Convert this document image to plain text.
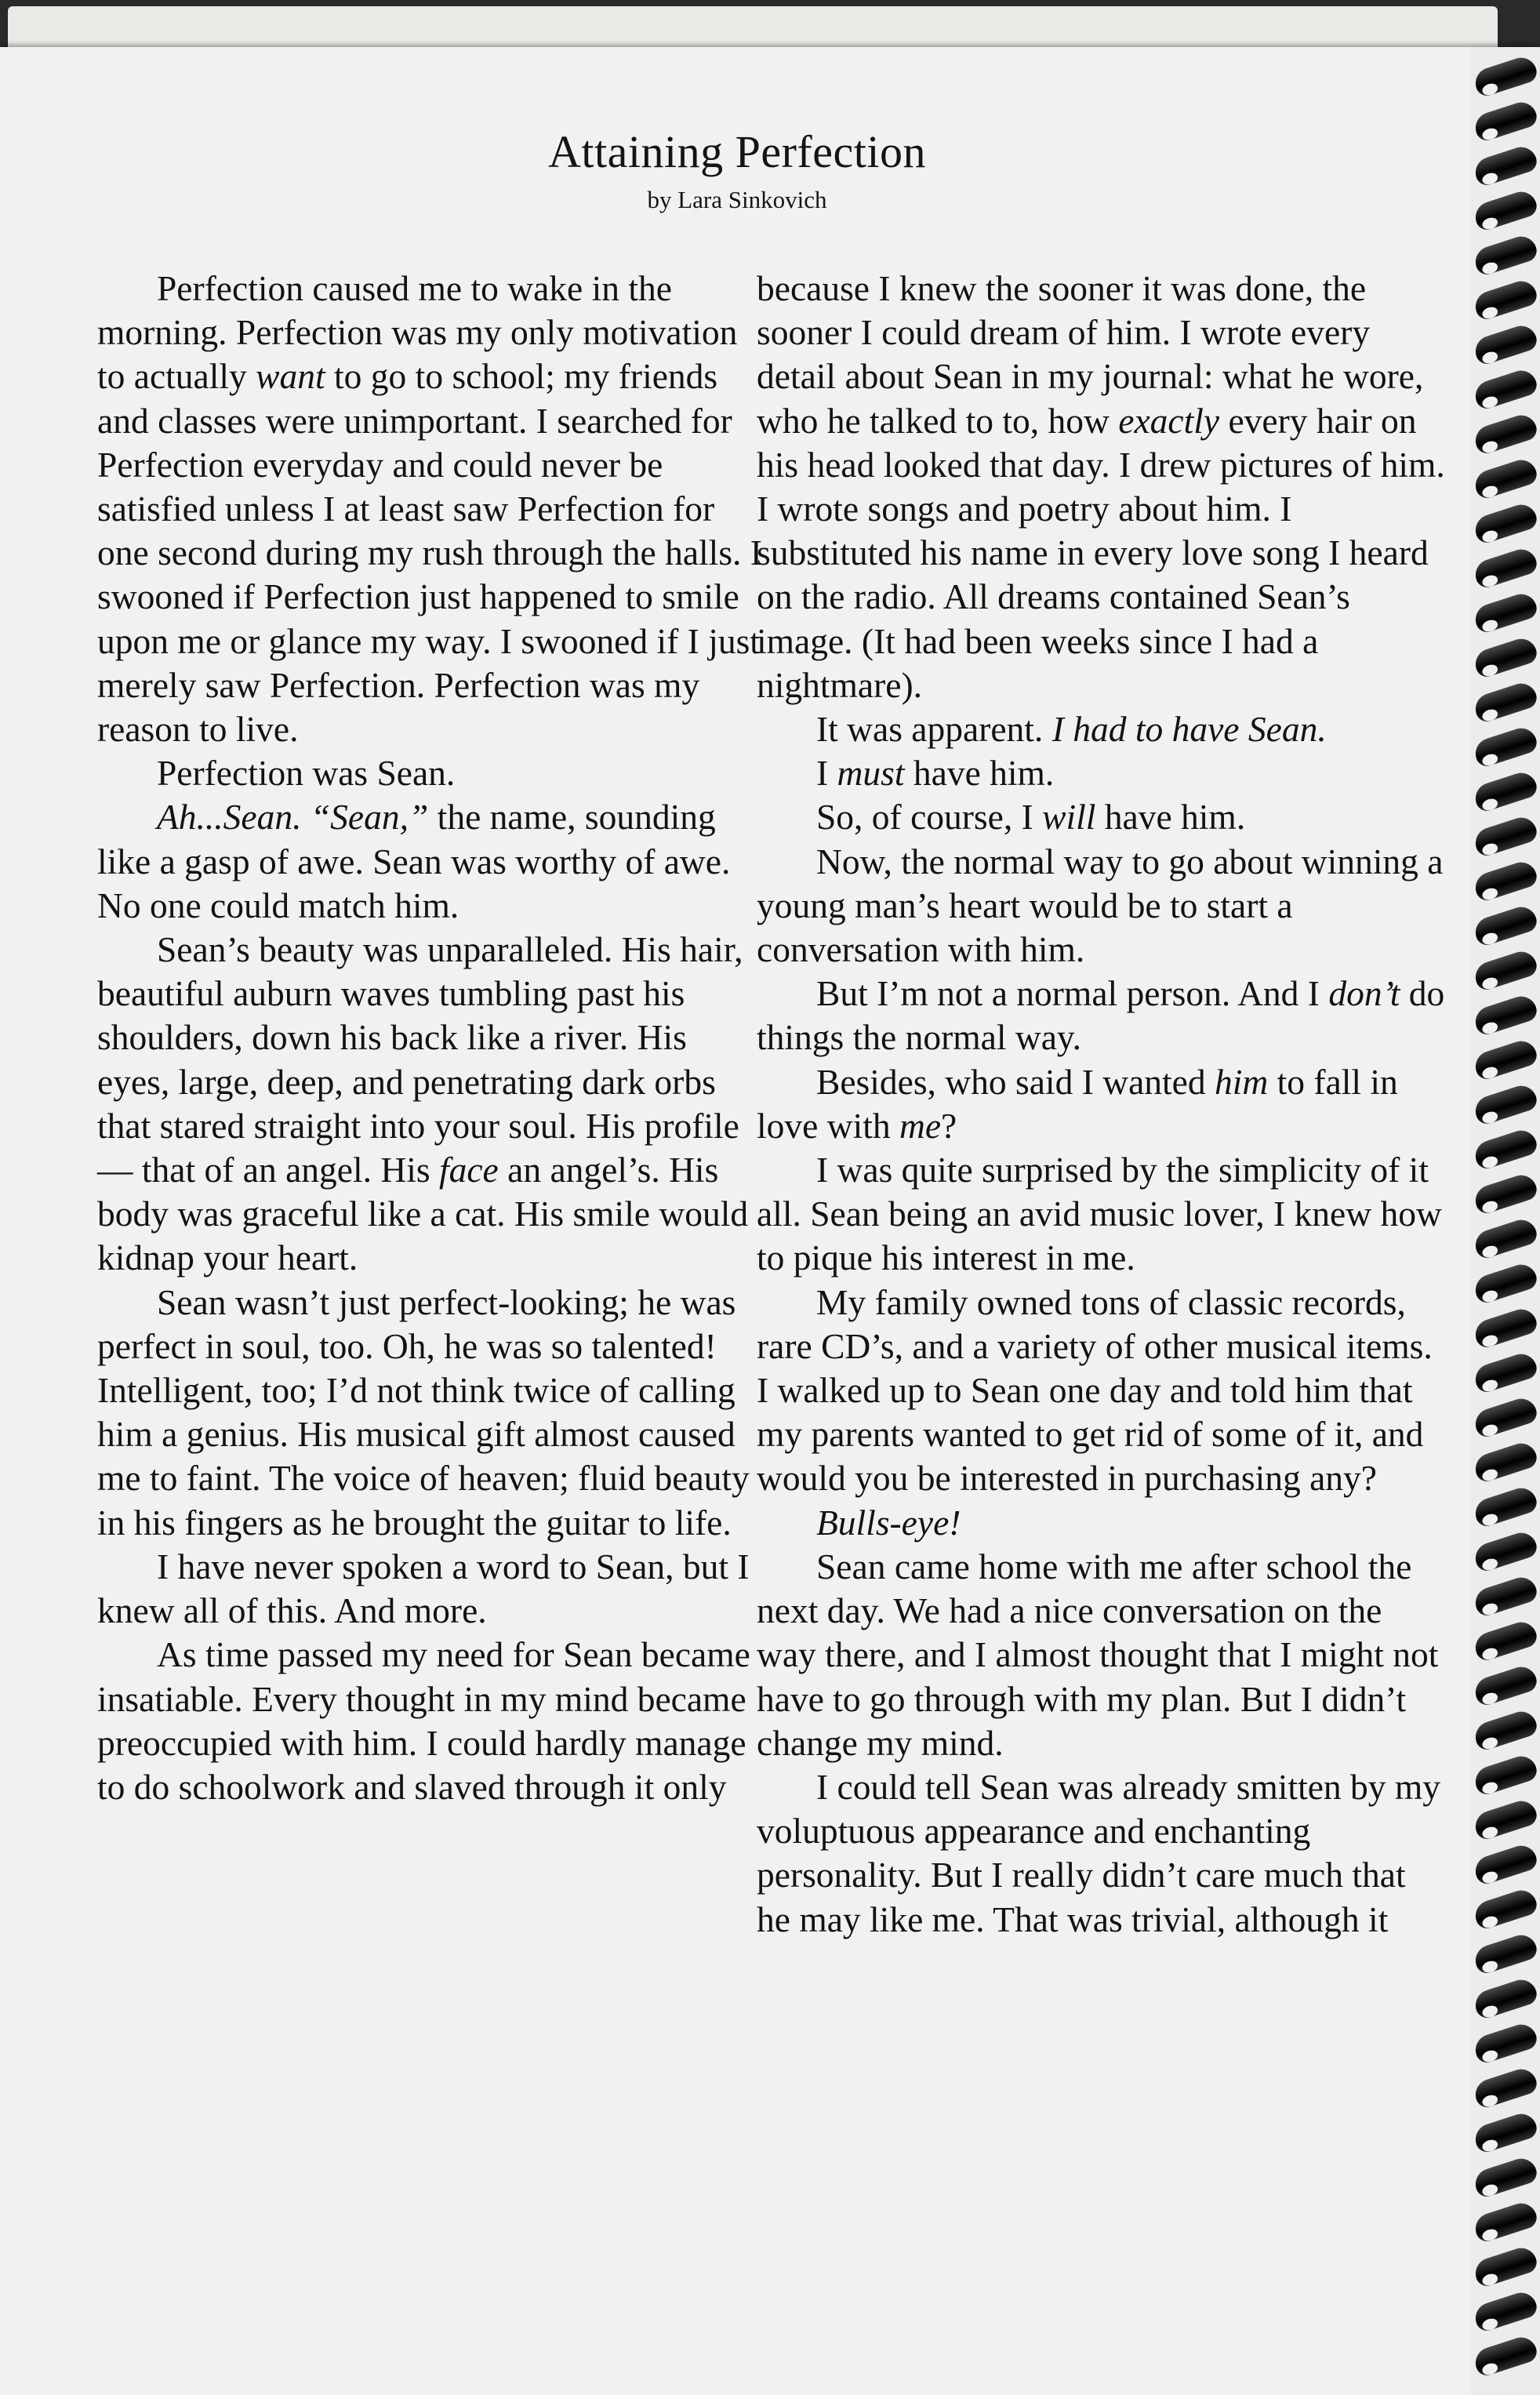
Attaining Perfection
by Lara Sinkovich

Perfection caused me to wake in the morning. Perfection was my only motivation to actually want to go to school; my friends and classes were unimportant. I searched for Perfection everyday and could never be satisfied unless I at least saw Perfection for one second during my rush through the halls. I swooned if Perfection just happened to smile upon me or glance my way. I swooned if I just merely saw Perfection. Perfection was my reason to live.

Perfection was Sean.

Ah...Sean. “Sean,” the name, sounding like a gasp of awe. Sean was worthy of awe. No one could match him.

Sean’s beauty was unparalleled. His hair, beautiful auburn waves tumbling past his shoulders, down his back like a river. His eyes, large, deep, and penetrating dark orbs that stared straight into your soul. His profile — that of an angel. His face an angel’s. His body was graceful like a cat. His smile would kidnap your heart.

Sean wasn’t just perfect-looking; he was perfect in soul, too. Oh, he was so talented! Intelligent, too; I’d not think twice of calling him a genius. His musical gift almost caused me to faint. The voice of heaven; fluid beauty in his fingers as he brought the guitar to life.

I have never spoken a word to Sean, but I knew all of this. And more.

As time passed my need for Sean became insatiable. Every thought in my mind became preoccupied with him. I could hardly manage to do schoolwork and slaved through it only

because I knew the sooner it was done, the sooner I could dream of him. I wrote every detail about Sean in my journal: what he wore, who he talked to to, how exactly every hair on his head looked that day. I drew pictures of him. I wrote songs and poetry about him. I substituted his name in every love song I heard on the radio. All dreams contained Sean’s image. (It had been weeks since I had a nightmare).

It was apparent. I had to have Sean.

I must have him.

So, of course, I will have him.

Now, the normal way to go about winning a young man’s heart would be to start a conversation with him.

But I’m not a normal person. And I don’t do things the normal way.

Besides, who said I wanted him to fall in love with me?

I was quite surprised by the simplicity of it all. Sean being an avid music lover, I knew how to pique his interest in me.

My family owned tons of classic records, rare CD’s, and a variety of other musical items. I walked up to Sean one day and told him that my parents wanted to get rid of some of it, and would you be interested in purchasing any?

Bulls-eye!

Sean came home with me after school the next day. We had a nice conversation on the way there, and I almost thought that I might not have to go through with my plan. But I didn’t change my mind.

I could tell Sean was already smitten by my voluptuous appearance and enchanting personality. But I really didn’t care much that he may like me. That was trivial, although it
